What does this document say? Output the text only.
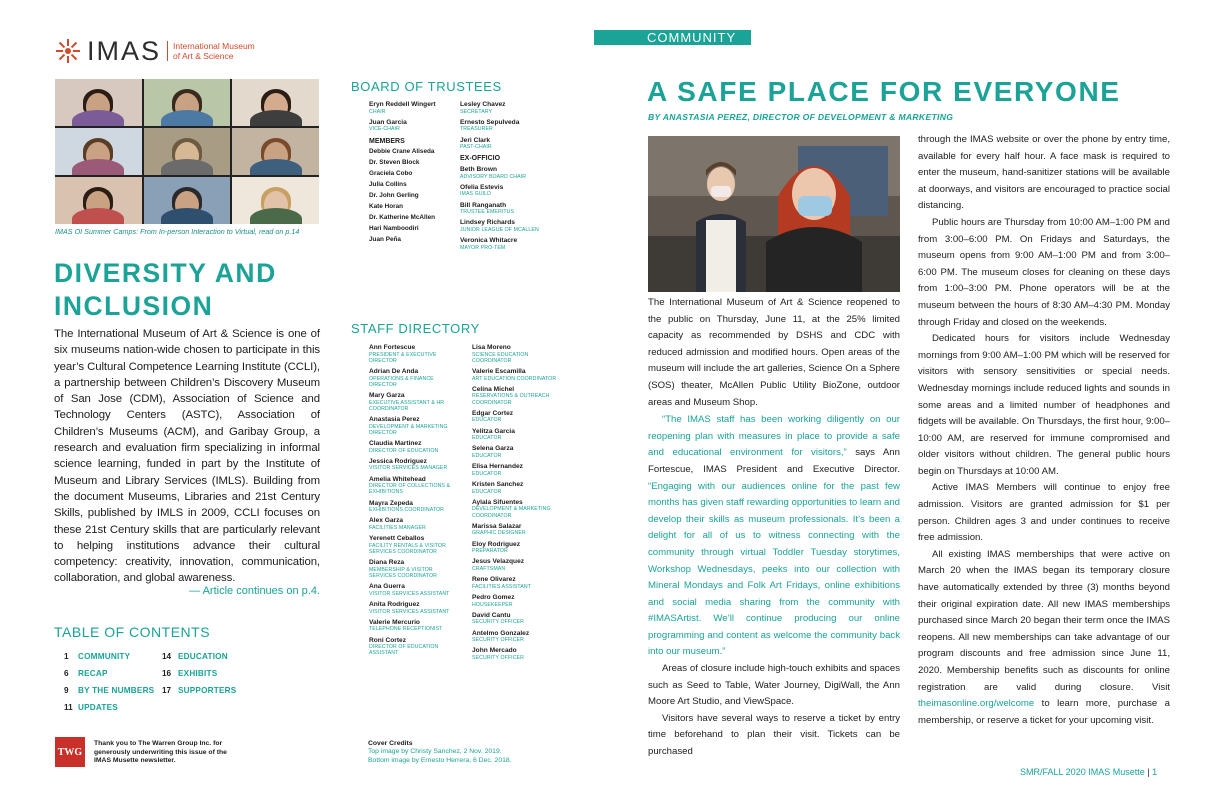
IMAS	International Museum
of Art & Science
IMAS OI Summer Camps: From In-person Interaction to Virtual, read on p.14
DIVERSITY AND INCLUSION
The International Museum of Art & Science is one of six museums nation-wide chosen to participate in this year’s Cultural Competence Learning Institute (CCLI), a partnership between Children’s Discovery Museum of San Jose (CDM), Association of Science and Technology Centers (ASTC), Association of Children’s Museums (ACM), and Garibay Group, a research and evaluation firm specializing in informal science learning, funded in part by the Institute of Museum and Library Services (IMLS). Building from the document Museums, Libraries and 21st Century Skills, published by IMLS in 2009, CCLI focuses on these 21st Century skills that are particularly relevant to helping institutions advance their cultural competency: creativity, innovation, communication, collaboration, and global awareness.
— Article continues on p.4.
TABLE OF CONTENTS
1	COMMUNITY	14 EDUCATION
6	RECAP	16 EXHIBITS
9	BY THE NUMBERS 17 SUPPORTERS
11 UPDATES
TWG
Thank you to The Warren Group Inc. for generously underwriting this issue of the IMAS Musette newsletter.
BOARD OF TRUSTEES
Eryn Reddell Wingert
CHAIR
Juan Garcia
VICE-CHAIR
MEMBERS
Debbie Crane Aliseda
Dr. Steven Block
Graciela Cobo
Julia Collins
Dr. John Gerling
Kate Horan
Dr. Katherine McAllen
Hari Namboodiri
Juan Peña
Lesley Chavez
SECRETARY
Ernesto Sepulveda
TREASURER
Jeri Clark
PAST-CHAIR
EX-OFFICIO
Beth Brown
ADVISORY BOARD CHAIR
Ofelia Estevis
IMAS GUILD
Bill Ranganath
TRUSTEE EMERITUS
Lindsey Richards
JUNIOR LEAGUE OF MCALLEN
Veronica Whitacre
MAYOR PRO-TEM
STAFF DIRECTORY
Ann Fortescue
PRESIDENT & EXECUTIVE DIRECTOR
Adrian De Anda
OPERATIONS & FINANCE DIRECTOR
Mary Garza
EXECUTIVE ASSISTANT & HR COORDINATOR
Anastasia Perez
DEVELOPMENT & MARKETING DIRECTOR
Claudia Martinez
DIRECTOR OF EDUCATION
Jessica Rodriguez
VISITOR SERVICES MANAGER
Amelia Whitehead
DIRECTOR OF COLLECTIONS & EXHIBITIONS
Mayra Zepeda
EXHIBITIONS COORDINATOR
Alex Garza
FACILITIES MANAGER
Yerenett Ceballos
FACILITY RENTALS & VISITOR SERVICES COORDINATOR
Diana Reza
MEMBERSHIP & VISITOR SERVICES COORDINATOR
Ana Guerra
VISITOR SERVICES ASSISTANT
Anita Rodriguez
VISITOR SERVICES ASSISTANT
Valerie Mercurio
TELEPHONE RECEPTIONIST
Roni Cortez
DIRECTOR OF EDUCATION ASSISTANT
Lisa Moreno
SCIENCE EDUCATION COORDINATOR
Valerie Escamilla
ART EDUCATION COORDINATOR
Celina Michel
RESERVATIONS & OUTREACH COORDINATOR
Edgar Cortez
EDUCATOR
Yelitza Garcia
EDUCATOR
Selena Garza
EDUCATOR
Elisa Hernandez
EDUCATOR
Kristen Sanchez
EDUCATOR
Aylala Sifuentes
DEVELOPMENT & MARKETING COORDINATOR
Marissa Salazar
GRAPHIC DESIGNER
Eloy Rodriguez
PREPARATOR
Jesus Velazquez
CRAFTSMAN
Rene Olivarez
FACILITIES ASSISTANT
Pedro Gomez
HOUSEKEEPER
David Cantu
SECURITY OFFICER
Antelmo Gonzalez
SECURITY OFFICER
John Mercado
SECURITY OFFICER
Cover Credits
Top image by Christy Sanchez, 2 Nov. 2019.
Bottom image by Ernesto Herrera, 6 Dec. 2018.
COMMUNITY
A SAFE PLACE FOR EVERYONE
BY ANASTASIA PEREZ, DIRECTOR OF DEVELOPMENT & MARKETING

The International Museum of Art & Science reopened to the public on Thursday, June 11, at the 25% limited capacity as recommended by DSHS and CDC with reduced admission and modified hours. Open areas of the museum will include the art galleries, Science On a Sphere (SOS) theater, McAllen Public Utility BioZone, outdoor areas and Museum Shop.

“The IMAS staff has been working diligently on our reopening plan with measures in place to provide a safe and educational environment for visitors,” says Ann Fortescue, IMAS President and Executive Director. “Engaging with our audiences online for the past few months has given staff rewarding opportunities to learn and develop their skills as museum professionals. It’s been a delight for all of us to witness connecting with the community through virtual Toddler Tuesday storytimes, Workshop Wednesdays, peeks into our collection with Mineral Mondays and Folk Art Fridays, online exhibitions and social media sharing from the community with #IMASArtist. We’ll continue producing our online programming and content as welcome the community back into our museum.”

Areas of closure include high-touch exhibits and spaces such as Seed to Table, Water Journey, DigiWall, the Ann Moore Art Studio, and ViewSpace.

Visitors have several ways to reserve a ticket by entry time beforehand to plan their visit. Tickets can be purchased

through the IMAS website or over the phone by entry time, available for every half hour. A face mask is required to enter the museum, hand-sanitizer stations will be available at doorways, and visitors are encouraged to practice social distancing.

Public hours are Thursday from 10:00 AM–1:00 PM and from 3:00–6:00 PM. On Fridays and Saturdays, the museum opens from 9:00 AM–1:00 PM and from 3:00–6:00 PM. The museum closes for cleaning on these days from 1:00–3:00 PM. Phone operators will be at the museum between the hours of 8:30 AM–4:30 PM. Monday through Friday and closed on the weekends.

Dedicated hours for visitors include Wednesday mornings from 9:00 AM–1:00 PM which will be reserved for visitors with sensory sensitivities or special needs. Wednesday mornings include reduced lights and sounds in some areas and a limited number of headphones and fidgets will be available. On Thursdays, the first hour, 9:00–10:00 AM, are reserved for immune compromised and older visitors without children. The general public hours begin on Thursdays at 10:00 AM.

Active IMAS Members will continue to enjoy free admission. Visitors are granted admission for $1 per person. Children ages 3 and under continues to receive free admission.

All existing IMAS memberships that were active on March 20 when the IMAS began its temporary closure have automatically extended by three (3) months beyond their original expiration date. All new IMAS memberships purchased since March 20 began their term once the IMAS reopens. All new memberships can take advantage of our program discounts and free admission since June 11, 2020. Membership benefits such as discounts for online registration are valid during closure. Visit theimasonline.org/welcome to learn more, purchase a membership, or reserve a ticket for your upcoming visit.

SMR/FALL 2020 IMAS Musette | 1
